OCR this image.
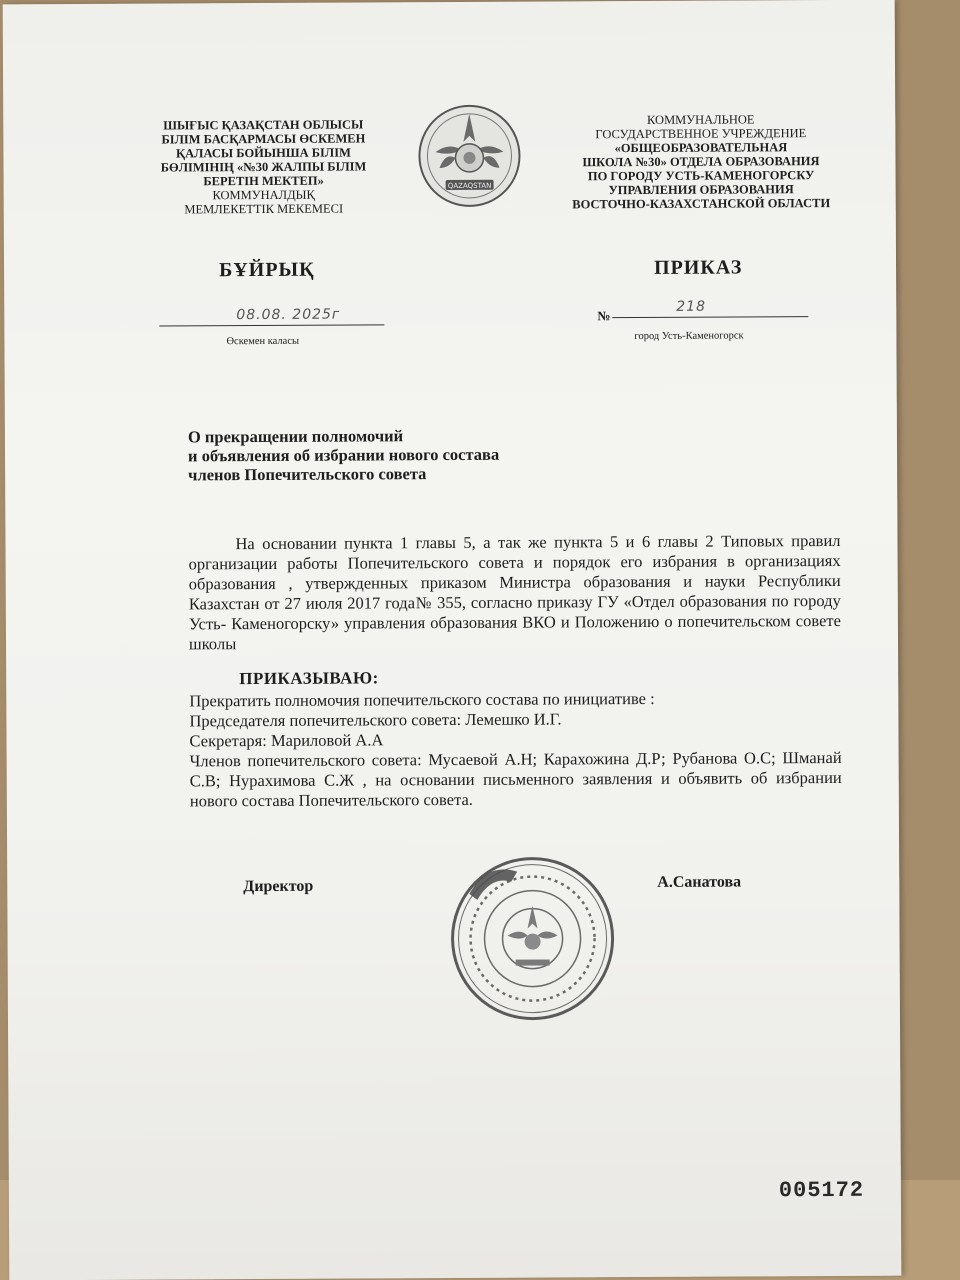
ШЫҒЫС ҚАЗАҚСТАН ОБЛЫСЫ
БІЛІМ БАСҚАРМАСЫ ӨСКЕМЕН
ҚАЛАСЫ БОЙЫНША БІЛІМ
БӨЛІМІНІҢ «№30 ЖАЛПЫ БІЛІМ
БЕРЕТІН МЕКТЕП»
КОММУНАЛДЫҚ
МЕМЛЕКЕТТІК МЕКЕМЕСІ
QAZAQSTAN
КОММУНАЛЬНОЕ
ГОСУДАРСТВЕННОЕ УЧРЕЖДЕНИЕ
«ОБЩЕОБРАЗОВАТЕЛЬНАЯ
ШКОЛА №30» ОТДЕЛА ОБРАЗОВАНИЯ
ПО ГОРОДУ УСТЬ-КАМЕНОГОРСКУ
УПРАВЛЕНИЯ ОБРАЗОВАНИЯ
ВОСТОЧНО-КАЗАХСТАНСКОЙ ОБЛАСТИ
БҰЙРЫҚ	ПРИКАЗ
08.08. 2025г
Өскемен каласы
№
218
город Усть-Каменогорск
О прекращении полномочий
и объявления об избрании нового состава
членов Попечительского совета
На основании пункта 1 главы 5, а так же пункта 5 и 6 главы 2 Типовых правил организации работы Попечительского совета и порядок его избрания в организациях образования , утвержденных приказом Министра образования и науки Республики Казахстан от 27 июля 2017 года№ 355, согласно приказу ГУ «Отдел образования по городу Усть- Каменогорску» управления образования ВКО и Положению о попечительском совете школы
ПРИКАЗЫВАЮ:
Прекратить полномочия попечительского состава по инициативе :
Председателя попечительского совета: Лемешко И.Г.
Секретаря: Мариловой А.А
Членов попечительского совета: Мусаевой А.Н; Карахожина Д.Р; Рубанова О.С; Шманай С.В; Нурахимова С.Ж , на основании письменного заявления и объявить об избрании нового состава Попечительского совета.
Директор	А.Санатова
005172
